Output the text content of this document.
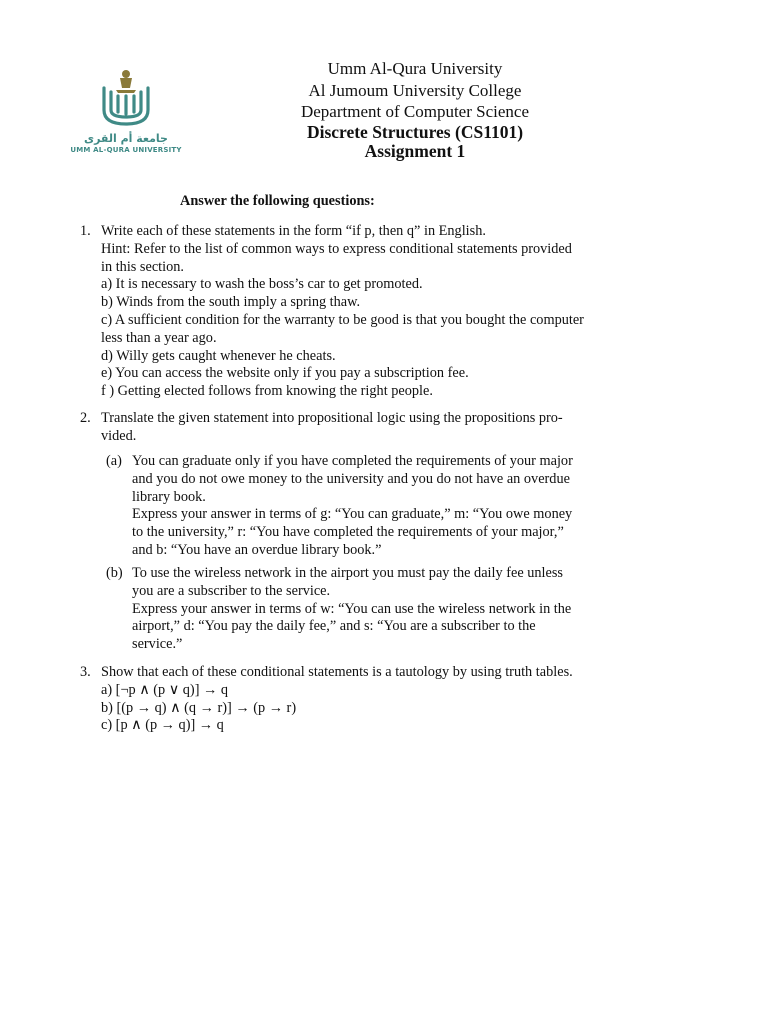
جامعة أم القرى
UMM AL-QURA UNIVERSITY
Umm Al-Qura University
Al Jumoum University College
Department of Computer Science
Discrete Structures (CS1101)
Assignment 1
Answer the following questions:
1. Write each of these statements in the form “if p, then q” in English.
Hint: Refer to the list of common ways to express conditional statements provided
in this section.
a) It is necessary to wash the boss’s car to get promoted.
b) Winds from the south imply a spring thaw.
c) A sufficient condition for the warranty to be good is that you bought the computer
less than a year ago.
d) Willy gets caught whenever he cheats.
e) You can access the website only if you pay a subscription fee.
f ) Getting elected follows from knowing the right people.
2. Translate the given statement into propositional logic using the propositions pro-
vided.
(a) You can graduate only if you have completed the requirements of your major
and you do not owe money to the university and you do not have an overdue
library book.
Express your answer in terms of g: “You can graduate,” m: “You owe money
to the university,” r: “You have completed the requirements of your major,”
and b: “You have an overdue library book.”
(b) To use the wireless network in the airport you must pay the daily fee unless
you are a subscriber to the service.
Express your answer in terms of w: “You can use the wireless network in the
airport,” d: “You pay the daily fee,” and s: “You are a subscriber to the
service.”
3. Show that each of these conditional statements is a tautology by using truth tables.
a) [¬p ∧ (p ∨ q)] → q
b) [(p → q) ∧ (q → r)] → (p → r)
c) [p ∧ (p → q)] → q
